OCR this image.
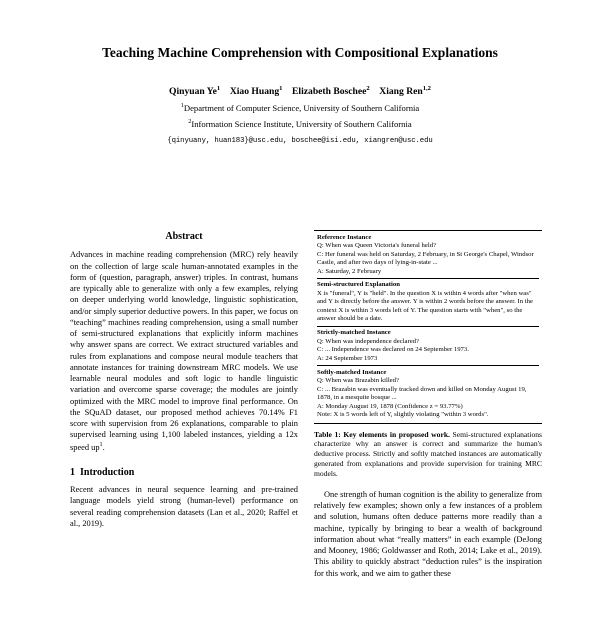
Teaching Machine Comprehension with Compositional Explanations
Qinyuan Ye$^1$ Xiao Huang$^1$ Elizabeth Boschee$^2$ Xiang Ren$^{1,2}$
$^1$Department of Computer Science, University of Southern California
$^2$Information Science Institute, University of Southern California
{qinyuany, huan183}@usc.edu, boschee@isi.edu, xiangren@usc.edu
Abstract

Advances in machine reading comprehension (MRC) rely heavily on the collection of large scale human-annotated examples in the form of (question, paragraph, answer) triples. In contrast, humans are typically able to generalize with only a few examples, relying on deeper underlying world knowledge, linguistic sophistication, and/or simply superior deductive powers. In this paper, we focus on “teaching” machines reading comprehension, using a small number of semi-structured explanations that explicitly inform machines why answer spans are correct. We extract structured variables and rules from explanations and compose neural module teachers that annotate instances for training downstream MRC models. We use learnable neural modules and soft logic to handle linguistic variation and overcome sparse coverage; the modules are jointly optimized with the MRC model to improve final performance. On the SQuAD dataset, our proposed method achieves 70.14% F1 score with supervision from 26 explanations, comparable to plain supervised learning using 1,100 labeled instances, yielding a 12x speed $up^1$.

1 Introduction

Recent advances in neural sequence learning and pre-trained language models yield strong (human-level) performance on several reading comprehension datasets (Lan et al., 2020; Raffel et al., 2019).

Reference Instance
Q: When was Queen Victoria's funeral held?
C: Her funeral was held on Saturday, 2 February, in St George's Chapel, Windsor Castle, and after two days of lying-in-state ...
A: Saturday, 2 February
Semi-structured Explanation
X is "funeral", Y is "held". In the question X is within 4 words after "when was" and Y is directly before the answer. Y is within 2 words before the answer. In the context X is within 3 words left of Y. The question starts with "when", so the answer should be a date.
Strictly-matched Instance
Q: When was independence declared?
C: ... Independence was declared on 24 September 1973.
A: 24 September 1973
Softly-matched Instance
Q: When was Brazabin killed?
C: ... Brazabin was eventually tracked down and killed on Monday August 19, 1878, in a mesquite bosque ...
A: Monday August 19, 1878 (Confidence z = 93.77%)
Note: X is 5 words left of Y, slightly violating "within 3 words".
Table 1: Key elements in proposed work. Semi-structured explanations characterize why an answer is correct and summarize the human's deductive process. Strictly and softly matched instances are automatically generated from explanations and provide supervision for training MRC models.

One strength of human cognition is the ability to generalize from relatively few examples; shown only a few instances of a problem and solution, humans often deduce patterns more readily than a machine, typically by bringing to bear a wealth of background information about what “really matters” in each example (DeJong and Mooney, 1986; Goldwasser and Roth, 2014; Lake et al., 2019). This ability to quickly abstract “deduction rules” is the inspiration for this work, and we aim to gather these
